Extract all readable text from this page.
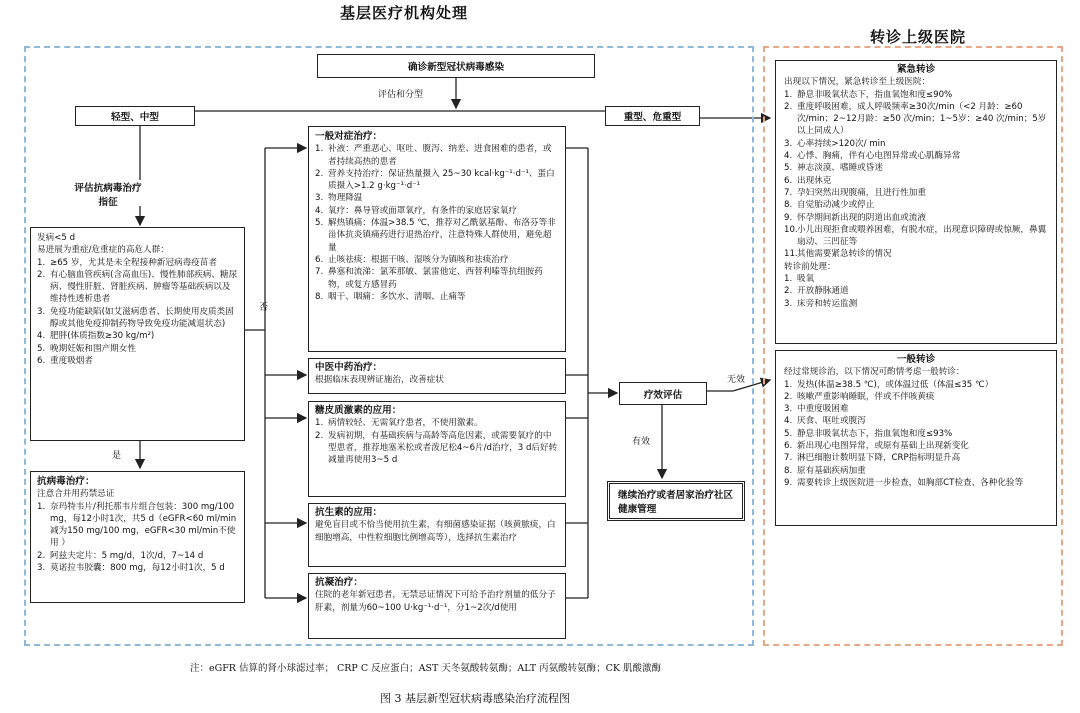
基层医疗机构处理
转诊上级医院
确诊新型冠状病毒感染
评估和分型
轻型、中型	重型、危重型
评估抗病毒治疗指征
发病<5 d
易进展为重症/危重症的高危人群：
1. ≥65 岁，尤其是未全程接种新冠病毒疫苗者
2. 有心脑血管疾病(含高血压)、慢性肺部疾病、糖尿病、慢性肝脏、肾脏疾病、肿瘤等基础疾病以及维持性透析患者
3. 免疫功能缺陷(如艾滋病患者、长期使用皮质类固醇或其他免疫抑制药物导致免疫功能减退状态)
4. 肥胖(体质指数≥30 kg/m²)
5. 晚期妊娠和围产期女性
6. 重度吸烟者
否
是
抗病毒治疗：
注意合并用药禁忌证
1. 奈玛特韦片/利托那韦片组合包装：300 mg/100 mg，每12小时1次，共5 d（eGFR<60 ml/min减为150 mg/100 mg，eGFR<30 ml/min不使用 ）
2. 阿兹夫定片：5 mg/d，1次/d，7~14 d
3. 莫诺拉韦胶囊：800 mg，每12小时1次，5 d
一般对症治疗：
1. 补液：严重恶心、呕吐、腹泻、纳差、进食困难的患者，或者持续高热的患者
2. 营养支持治疗：保证热量摄入 25~30 kcal·kg⁻¹·d⁻¹、蛋白质摄入>1.2 g·kg⁻¹·d⁻¹
3. 物理降温
4. 氧疗：鼻导管或面罩氧疗，有条件的家庭居家氧疗
5. 解热镇痛：体温>38.5 ℃，推荐对乙酰氨基酚、布洛芬等非甾体抗炎镇痛药进行退热治疗，注意特殊人群使用，避免超量
6. 止咳祛痰：根据干咳、湿咳分为镇咳和祛痰治疗
7. 鼻塞和流涕：氯苯那敏、氯雷他定、西替利嗪等抗组胺药物，或复方感冒药
8. 咽干、咽痛：多饮水、清咽、止痛等
中医中药治疗：
根据临床表现辨证施治，改善症状
糖皮质激素的应用：
1. 病情较轻、无需氧疗患者，不使用激素。
2. 发病初期，有基础疾病与高龄等高危因素，或需要氧疗的中型患者，推荐地塞米松或者泼尼松4~6片/d治疗，3 d后好转减量再使用3~5 d
抗生素的应用：
避免盲目或不恰当使用抗生素，有细菌感染证据（咳黄脓痰，白细胞增高，中性粒细胞比例增高等），选择抗生素治疗
抗凝治疗：
住院的老年新冠患者，无禁忌证情况下可给予治疗剂量的低分子肝素，剂量为60~100 U·kg⁻¹·d⁻¹，分1~2次/d使用
疗效评估
有效
无效
继续治疗或者居家治疗社区健康管理
紧急转诊
出现以下情况，紧急转诊至上级医院：
1. 静息非吸氧状态下，指血氧饱和度≤90%
2. 重度呼吸困难，成人呼吸频率≥30次/min（<2 月龄：≥60 次/min；2~12月龄：≥50 次/min；1~5岁：≥40 次/min；5岁以上同成人）
3. 心率持续>120次/ min
4. 心悸、胸痛，伴有心电图异常或心肌酶异常
5. 神志淡漠、嗜睡或昏迷
6. 出现休克
7. 孕妇突然出现腹痛，且进行性加重
8. 自觉胎动减少或停止
9. 怀孕期间新出现的阴道出血或流液
10. 小儿出现拒食或喂养困难，有脱水症，出现意识障碍或惊厥，鼻翼扇动、三凹征等
11. 其他需要紧急转诊的情况
转诊前处理：
1. 吸氧
2. 开放静脉通道
3. 床旁和转运监测
一般转诊
经过常规诊治，以下情况可酌情考虑一般转诊：
1. 发热(体温≥38.5 ℃)，或体温过低（体温≤35 ℃）
2. 咳嗽严重影响睡眠，伴或不伴咳黄痰
3. 中重度吸困难
4. 厌食、呕吐或腹泻
5. 静息非吸氧状态下，指血氧饱和度≤93%
6. 新出现心电图异常，或原有基础上出现新变化
7. 淋巴细胞计数明显下降，CRP指标明显升高
8. 原有基础疾病加重
9. 需要转诊上级医院进一步检查，如胸部CT检查、各种化验等
注：eGFR 估算的肾小球滤过率； CRP C 反应蛋白；AST 天冬氨酸转氨酶；ALT 丙氨酸转氨酶；CK 肌酸激酶
图 3 基层新型冠状病毒感染治疗流程图
